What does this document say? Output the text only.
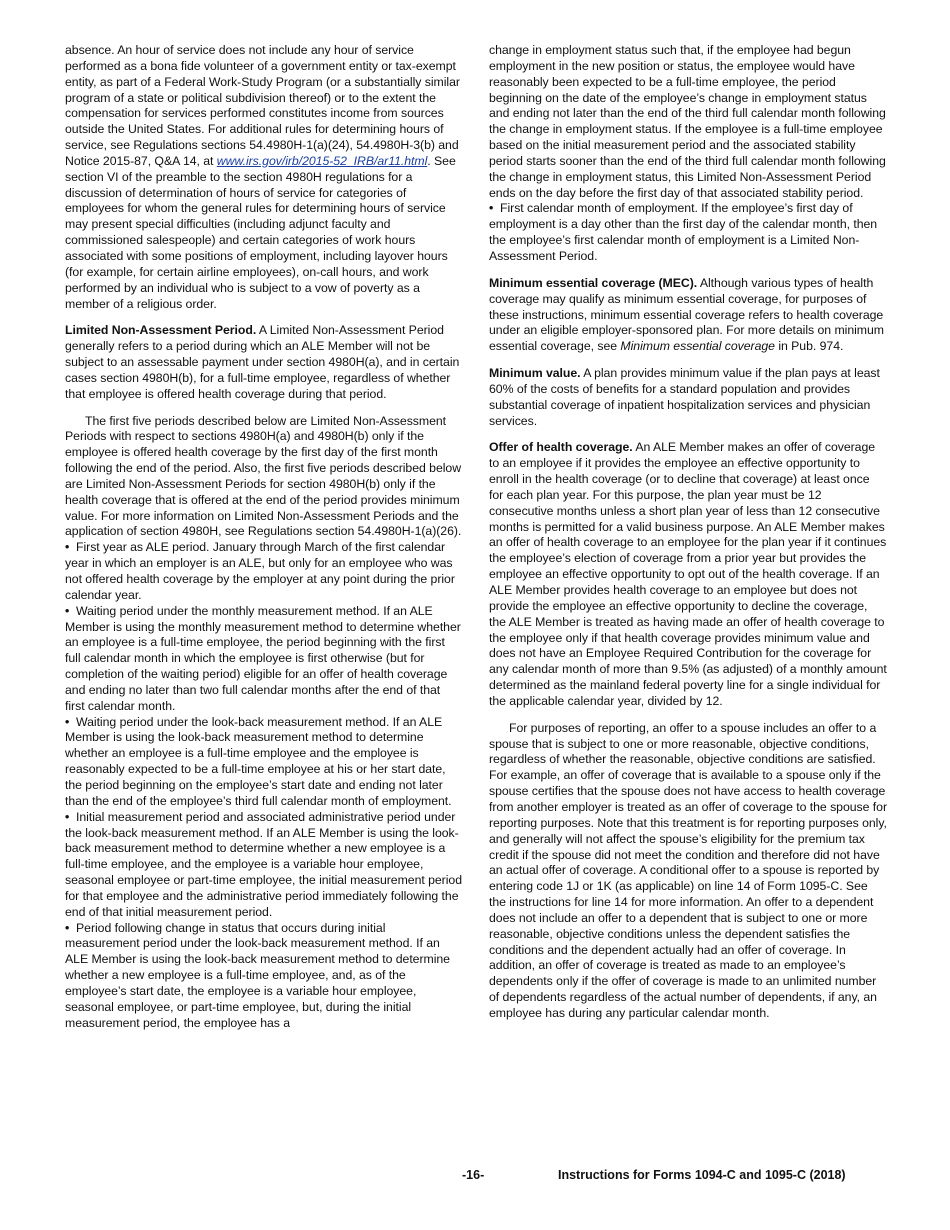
absence. An hour of service does not include any hour of service performed as a bona fide volunteer of a government entity or tax-exempt entity, as part of a Federal Work-Study Program (or a substantially similar program of a state or political subdivision thereof) or to the extent the compensation for services performed constitutes income from sources outside the United States. For additional rules for determining hours of service, see Regulations sections 54.4980H-1(a)(24), 54.4980H-3(b) and Notice 2015-87, Q&A 14, at www.irs.gov/irb/2015-52_IRB/ar11.html. See section VI of the preamble to the section 4980H regulations for a discussion of determination of hours of service for categories of employees for whom the general rules for determining hours of service may present special difficulties (including adjunct faculty and commissioned salespeople) and certain categories of work hours associated with some positions of employment, including layover hours (for example, for certain airline employees), on-call hours, and work performed by an individual who is subject to a vow of poverty as a member of a religious order.

Limited Non-Assessment Period. A Limited Non-Assessment Period generally refers to a period during which an ALE Member will not be subject to an assessable payment under section 4980H(a), and in certain cases section 4980H(b), for a full-time employee, regardless of whether that employee is offered health coverage during that period.

The first five periods described below are Limited Non-Assessment Periods with respect to sections 4980H(a) and 4980H(b) only if the employee is offered health coverage by the first day of the first month following the end of the period. Also, the first five periods described below are Limited Non-Assessment Periods for section 4980H(b) only if the health coverage that is offered at the end of the period provides minimum value. For more information on Limited Non-Assessment Periods and the application of section 4980H, see Regulations section 54.4980H-1(a)(26).

•  First year as ALE period. January through March of the first calendar year in which an employer is an ALE, but only for an employee who was not offered health coverage by the employer at any point during the prior calendar year.

•  Waiting period under the monthly measurement method. If an ALE Member is using the monthly measurement method to determine whether an employee is a full-time employee, the period beginning with the first full calendar month in which the employee is first otherwise (but for completion of the waiting period) eligible for an offer of health coverage and ending no later than two full calendar months after the end of that first calendar month.

•  Waiting period under the look-back measurement method. If an ALE Member is using the look-back measurement method to determine whether an employee is a full-time employee and the employee is reasonably expected to be a full-time employee at his or her start date, the period beginning on the employee’s start date and ending not later than the end of the employee’s third full calendar month of employment.

•  Initial measurement period and associated administrative period under the look-back measurement method. If an ALE Member is using the look-back measurement method to determine whether a new employee is a full-time employee, and the employee is a variable hour employee, seasonal employee or part-time employee, the initial measurement period for that employee and the administrative period immediately following the end of that initial measurement period.

•  Period following change in status that occurs during initial measurement period under the look-back measurement method. If an ALE Member is using the look-back measurement method to determine whether a new employee is a full-time employee, and, as of the employee’s start date, the employee is a variable hour employee, seasonal employee, or part-time employee, but, during the initial measurement period, the employee has a

change in employment status such that, if the employee had begun employment in the new position or status, the employee would have reasonably been expected to be a full-time employee, the period beginning on the date of the employee’s change in employment status and ending not later than the end of the third full calendar month following the change in employment status. If the employee is a full-time employee based on the initial measurement period and the associated stability period starts sooner than the end of the third full calendar month following the change in employment status, this Limited Non-Assessment Period ends on the day before the first day of that associated stability period.

•  First calendar month of employment. If the employee’s first day of employment is a day other than the first day of the calendar month, then the employee’s first calendar month of employment is a Limited Non-Assessment Period.

Minimum essential coverage (MEC). Although various types of health coverage may qualify as minimum essential coverage, for purposes of these instructions, minimum essential coverage refers to health coverage under an eligible employer-sponsored plan. For more details on minimum essential coverage, see Minimum essential coverage in Pub. 974.

Minimum value. A plan provides minimum value if the plan pays at least 60% of the costs of benefits for a standard population and provides substantial coverage of inpatient hospitalization services and physician services.

Offer of health coverage. An ALE Member makes an offer of coverage to an employee if it provides the employee an effective opportunity to enroll in the health coverage (or to decline that coverage) at least once for each plan year. For this purpose, the plan year must be 12 consecutive months unless a short plan year of less than 12 consecutive months is permitted for a valid business purpose. An ALE Member makes an offer of health coverage to an employee for the plan year if it continues the employee’s election of coverage from a prior year but provides the employee an effective opportunity to opt out of the health coverage. If an ALE Member provides health coverage to an employee but does not provide the employee an effective opportunity to decline the coverage, the ALE Member is treated as having made an offer of health coverage to the employee only if that health coverage provides minimum value and does not have an Employee Required Contribution for the coverage for any calendar month of more than 9.5% (as adjusted) of a monthly amount determined as the mainland federal poverty line for a single individual for the applicable calendar year, divided by 12.

For purposes of reporting, an offer to a spouse includes an offer to a spouse that is subject to one or more reasonable, objective conditions, regardless of whether the reasonable, objective conditions are satisfied. For example, an offer of coverage that is available to a spouse only if the spouse certifies that the spouse does not have access to health coverage from another employer is treated as an offer of coverage to the spouse for reporting purposes. Note that this treatment is for reporting purposes only, and generally will not affect the spouse’s eligibility for the premium tax credit if the spouse did not meet the condition and therefore did not have an actual offer of coverage. A conditional offer to a spouse is reported by entering code 1J or 1K (as applicable) on line 14 of Form 1095-C. See the instructions for line 14 for more information. An offer to a dependent does not include an offer to a dependent that is subject to one or more reasonable, objective conditions unless the dependent satisfies the conditions and the dependent actually had an offer of coverage. In addition, an offer of coverage is treated as made to an employee’s dependents only if the offer of coverage is made to an unlimited number of dependents regardless of the actual number of dependents, if any, an employee has during any particular calendar month.

-16-	Instructions for Forms 1094-C and 1095-C (2018)
